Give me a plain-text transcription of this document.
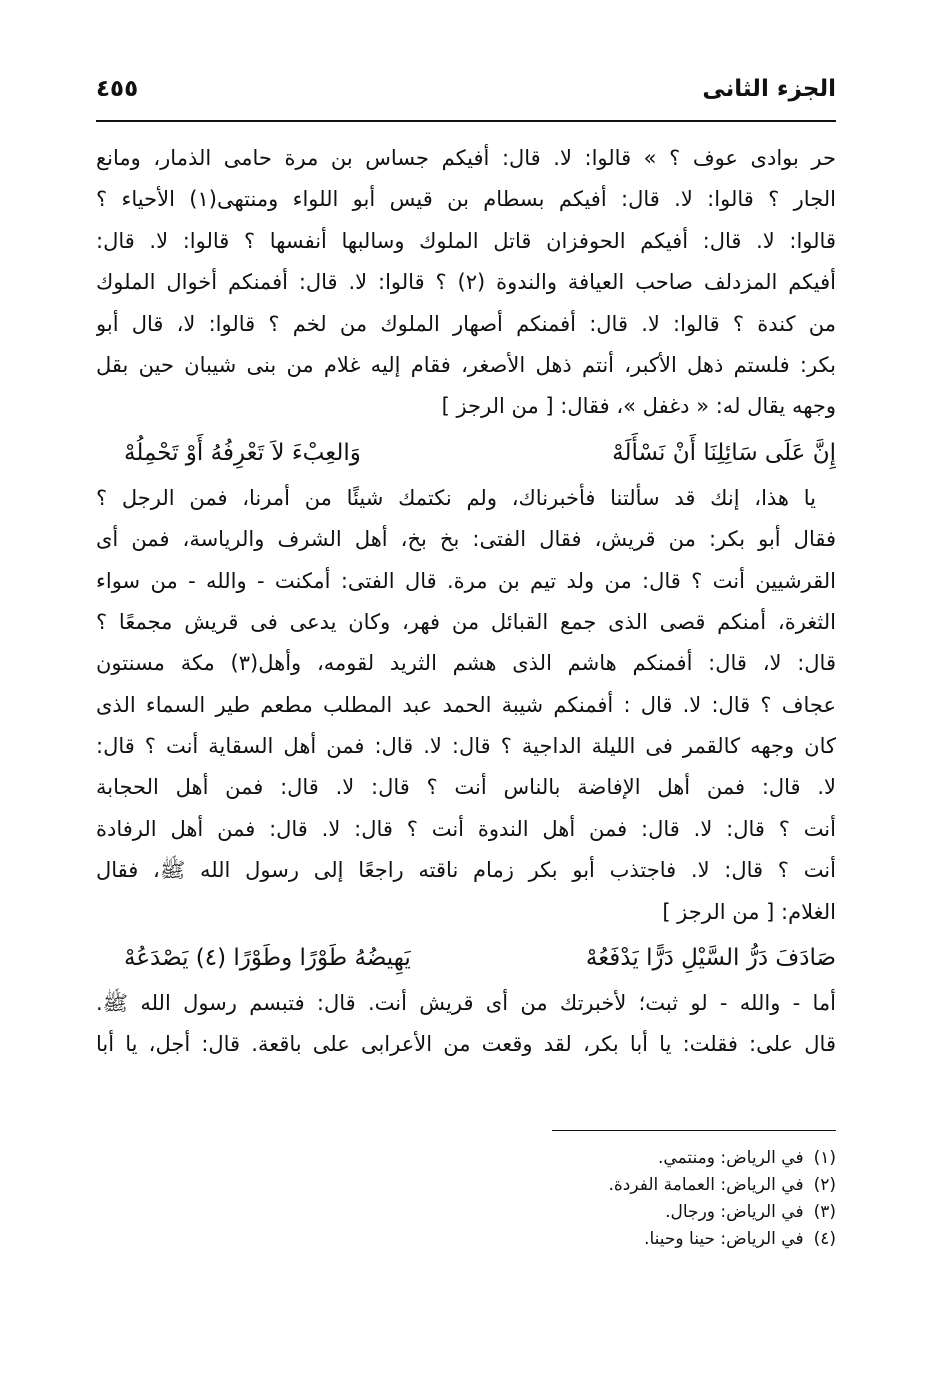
الجزء الثانى
٤٥٥
حر بوادى عوف ؟ » قالوا: لا. قال: أفيكم جساس بن مرة حامى الذمار، ومانع
الجار ؟ قالوا: لا. قال: أفيكم بسطام بن قيس أبو اللواء ومنتهى(١) الأحياء ؟
قالوا: لا. قال: أفيكم الحوفزان قاتل الملوك وسالبها أنفسها ؟ قالوا: لا. قال:
أفيكم المزدلف صاحب العيافة والندوة (٢) ؟ قالوا: لا. قال: أفمنكم أخوال الملوك
من كندة ؟ قالوا: لا. قال: أفمنكم أصهار الملوك من لخم ؟ قالوا: لا، قال أبو
بكر: فلستم ذهل الأكبر، أنتم ذهل الأصغر، فقام إليه غلام من بنى شيبان حين بقل
وجهه يقال له: « دغفل »، فقال: [ من الرجز ]
إِنَّ عَلَى سَائِلِنَا أَنْ نَسْأَلَهْ
وَالعِبْءَ لاَ تَعْرِفُهُ أَوْ تَحْمِلُهْ
يا هذا، إنك قد سألتنا فأخبرناك، ولم نكتمك شيئًا من أمرنا، فمن الرجل ؟
فقال أبو بكر: من قريش، فقال الفتى: بخ بخ، أهل الشرف والرياسة، فمن أى
القرشيين أنت ؟ قال: من ولد تيم بن مرة. قال الفتى: أمكنت - والله - من سواء
الثغرة، أمنكم قصى الذى جمع القبائل من فهر، وكان يدعى فى قريش مجمعًا ؟
قال: لا، قال: أفمنكم هاشم الذى هشم الثريد لقومه، وأهل(٣) مكة مسنتون
عجاف ؟ قال: لا. قال : أفمنكم شيبة الحمد عبد المطلب مطعم طير السماء الذى
كان وجهه كالقمر فى الليلة الداجية ؟ قال: لا. قال: فمن أهل السقاية أنت ؟ قال:
لا. قال: فمن أهل الإفاضة بالناس أنت ؟ قال: لا. قال: فمن أهل الحجابة
أنت ؟ قال: لا. قال: فمن أهل الندوة أنت ؟ قال: لا. قال: فمن أهل الرفادة
أنت ؟ قال: لا. فاجتذب أبو بكر زمام ناقته راجعًا إلى رسول الله ﷺ، فقال
الغلام: [ من الرجز ]
صَادَفَ دَرُّ السَّيْلِ دَرًّا يَدْفَعُهْ
يَهِيضُهُ طَوْرًا وطَوْرًا (٤) يَصْدَعُهْ
أما - والله - لو ثبت؛ لأخبرتك من أى قريش أنت. قال: فتبسم رسول الله ﷺ.
قال على: فقلت: يا أبا بكر، لقد وقعت من الأعرابى على باقعة. قال: أجل، يا أبا
(١)في الرياض: ومنتمي.
(٢)في الرياض: العمامة الفردة.
(٣)في الرياض: ورجال.
(٤)في الرياض: حينا وحينا.
